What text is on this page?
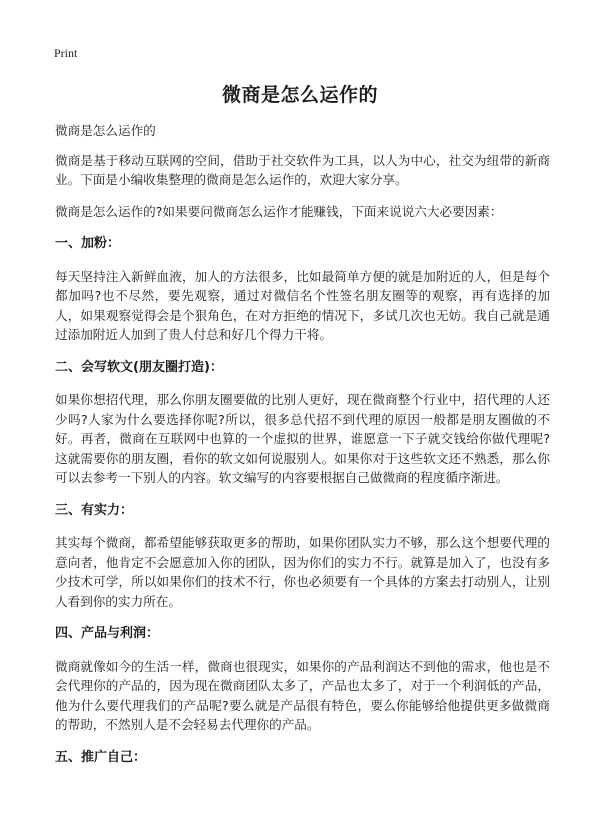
Print
微商是怎么运作的

微商是怎么运作的

微商是基于移动互联网的空间，借助于社交软件为工具，以人为中心，社交为纽带的新商业。下面是小编收集整理的微商是怎么运作的，欢迎大家分享。

微商是怎么运作的?如果要问微商怎么运作才能赚钱，下面来说说六大必要因素：

一、加粉：

每天坚持注入新鲜血液，加人的方法很多，比如最简单方便的就是加附近的人，但是每个都加吗?也不尽然，要先观察，通过对微信名个性签名朋友圈等的观察，再有选择的加人，如果观察觉得会是个狠角色，在对方拒绝的情况下，多试几次也无妨。我自己就是通过添加附近人加到了贵人付总和好几个得力干将。

二、会写软文(朋友圈打造)：

如果你想招代理，那么你朋友圈要做的比别人更好，现在微商整个行业中，招代理的人还少吗?人家为什么要选择你呢?所以，很多总代招不到代理的原因一般都是朋友圈做的不好。再者，微商在互联网中也算的一个虚拟的世界，谁愿意一下子就交钱给你做代理呢?这就需要你的朋友圈，看你的软文如何说服别人。如果你对于这些软文还不熟悉，那么你可以去参考一下别人的内容。软文编写的内容要根据自己做微商的程度循序渐进。

三、有实力：

其实每个微商，都希望能够获取更多的帮助，如果你团队实力不够，那么这个想要代理的意向者，他肯定不会愿意加入你的团队，因为你们的实力不行。就算是加入了，也没有多少技术可学，所以如果你们的技术不行，你也必须要有一个具体的方案去打动别人，让别人看到你的实力所在。

四、产品与利润：

微商就像如今的生活一样，微商也很现实，如果你的产品利润达不到他的需求，他也是不会代理你的产品的，因为现在微商团队太多了，产品也太多了，对于一个利润低的产品，他为什么要代理我们的产品呢?要么就是产品很有特色，要么你能够给他提供更多做微商的帮助，不然别人是不会轻易去代理你的产品。

五、推广自己：
